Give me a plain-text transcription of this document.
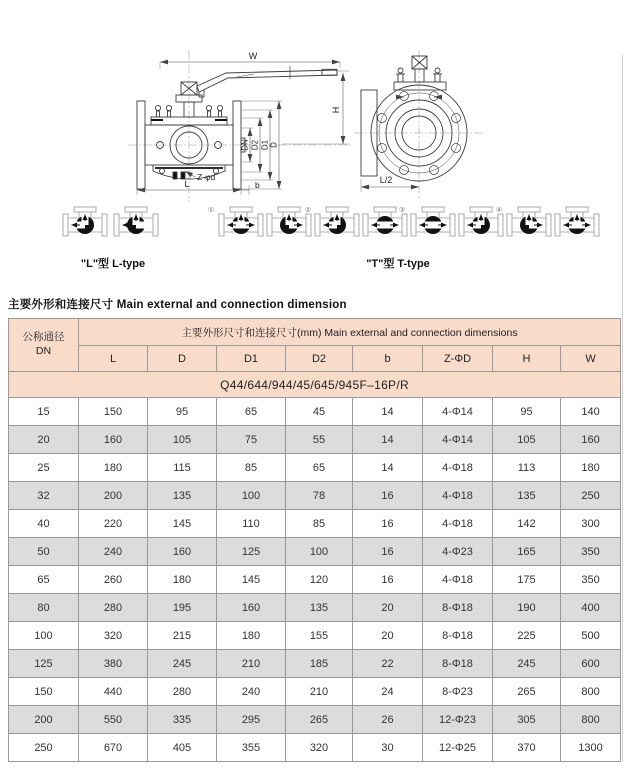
W
H
DN D2 D1 D
L	b
Z-φd	L/2
①	②	③	④
"L"型 L-type	"T"型 T-type
主要外形和连接尺寸 Main external and connection dimension
公称通径
DN	主要外形尺寸和连接尺寸(mm) Main external and connection dimensions							
	L	D	D1	D2	b	Z-ΦD	H	W
Q44/644/944/45/645/945F–16P/R								
15	150	95	65	45	14	4-Φ14	95	140
20	160	105	75	55	14	4-Φ14	105	160
25	180	115	85	65	14	4-Φ18	113	180
32	200	135	100	78	16	4-Φ18	135	250
40	220	145	110	85	16	4-Φ18	142	300
50	240	160	125	100	16	4-Φ23	165	350
65	260	180	145	120	16	4-Φ18	175	350
80	280	195	160	135	20	8-Φ18	190	400
100	320	215	180	155	20	8-Φ18	225	500
125	380	245	210	185	22	8-Φ18	245	600
150	440	280	240	210	24	8-Φ23	265	800
200	550	335	295	265	26	12-Φ23	305	800
250	670	405	355	320	30	12-Φ25	370	1300
